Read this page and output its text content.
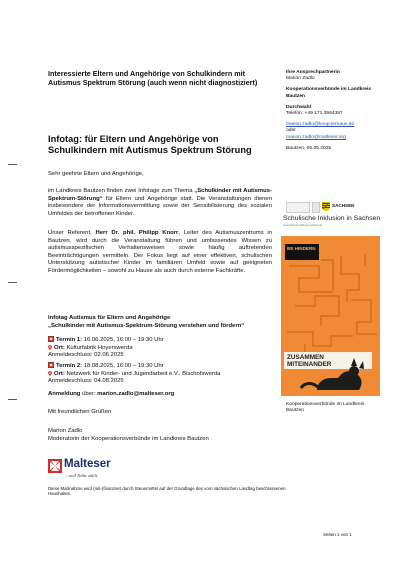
Interessierte Eltern und Angehörige von Schulkindern mit Autismus Spektrum Störung (auch wenn nicht diagnostiziert)

Infotag: für Eltern und Angehörige von Schulkindern mit Autismus Spektrum Störung

Sehr geehrte Eltern und Angehörige,

im Landkreis Bautzen finden zwei Infotage zum Thema „Schulkinder mit Autismus-Spektrum-Störung“ für Eltern und Angehörige statt. Die Veranstaltungen dienen insbesondere der Informationsvermittlung sowie der Sensibilisierung des sozialen Umfeldes der betroffenen Kinder.

Unser Referent, Herr Dr. phil. Philipp Knorr, Leiter des Autismuszentrums in Bautzen, wird durch die Veranstaltung führen und umfassendes Wissen zu autismusspezifischen Verhaltensweisen sowie häufig auftretenden Beeinträchtigungen vermitteln. Der Fokus liegt auf einer effektiven, schulischen Unterstützung autistischer Kinder im familiären Umfeld sowie auf geeigneten Fördermöglichkeiten – sowohl zu Hause als auch durch externe Fachkräfte.

Infotag Autismus für Eltern und Angehörige

„Schulkinder mit Autismus-Spektrum-Störung verstehen und fördern“

Termin 1: 16.06.2025, 16:00 – 19:30 Uhr

Ort: Kulturfabrik Hoyerswerda

Anmeldeschluss: 02.06.2025

Termin 2: 18.08.2025, 16:00 – 19:30 Uhr

Ort: Netzwerk für Kinder- und Jugendarbeit e.V., Bischofswerda

Anmeldeschluss: 04.08.2025

Anmeldung über: marion.zadlo@malteser.org

Mit freundlichen Grüßen

Marion Zadlo

Moderatorin der Kooperationsverbünde im Landkreis Bautzen

Ihre Ansprechpartnerin

Marion Zadlo

Kooperationsverbünde im Landkreis Bautzen

Durchwahl

Telefon: +49 171 3564387

marion.zadlo@koop-lernaux.de

oder

marion.zadlo@malteser.org

Bautzen, 05.05.2025

SACHSEN

Schulische Inklusion in Sachsen

www.inklusion.bildung.sachsen.de
BE HINDERN
ZUSAMMEN MITEINANDER
Kooperationsverbünde im Landkreis Bautzen
Malteser
...weil Nähe zählt.
Diese Maßnahme wird (mit-)finanziert durch Steuermittel auf der Grundlage des vom sächsischen Landtag beschlossenen Haushaltes.
Seiten 1 von 1
